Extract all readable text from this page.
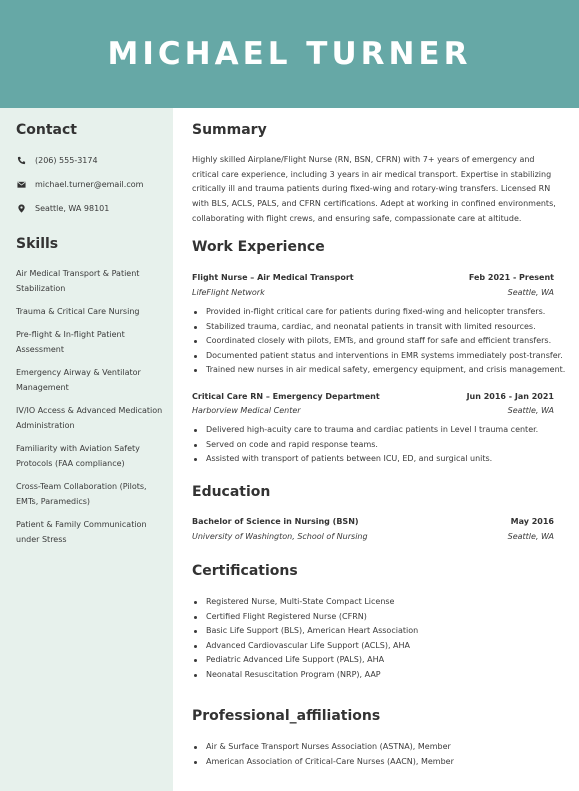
MICHAEL TURNER
Contact
(206) 555-3174
michael.turner@email.com
Seattle, WA 98101
Skills
Air Medical Transport & Patient Stabilization
Trauma & Critical Care Nursing
Pre-flight & In-flight Patient Assessment
Emergency Airway & Ventilator Management
IV/IO Access & Advanced Medication Administration
Familiarity with Aviation Safety Protocols (FAA compliance)
Cross-Team Collaboration (Pilots, EMTs, Paramedics)
Patient & Family Communication under Stress
Summary
Highly skilled Airplane/Flight Nurse (RN, BSN, CFRN) with 7+ years of emergency and critical care experience, including 3 years in air medical transport. Expertise in stabilizing critically ill and trauma patients during fixed-wing and rotary-wing transfers. Licensed RN with BLS, ACLS, PALS, and CFRN certifications. Adept at working in confined environments, collaborating with flight crews, and ensuring safe, compassionate care at altitude.
Work Experience
Flight Nurse – Air Medical Transport	Feb 2021 - Present
LifeFlight Network	Seattle, WA
Provided in-flight critical care for patients during fixed-wing and helicopter transfers.
Stabilized trauma, cardiac, and neonatal patients in transit with limited resources.
Coordinated closely with pilots, EMTs, and ground staff for safe and efficient transfers.
Documented patient status and interventions in EMR systems immediately post-transfer.
Trained new nurses in air medical safety, emergency equipment, and crisis management.
Critical Care RN – Emergency Department	Jun 2016 - Jan 2021
Harborview Medical Center	Seattle, WA
Delivered high-acuity care to trauma and cardiac patients in Level I trauma center.
Served on code and rapid response teams.
Assisted with transport of patients between ICU, ED, and surgical units.
Education
Bachelor of Science in Nursing (BSN)	May 2016
University of Washington, School of Nursing	Seattle, WA
Certifications
Registered Nurse, Multi-State Compact License
Certified Flight Registered Nurse (CFRN)
Basic Life Support (BLS), American Heart Association
Advanced Cardiovascular Life Support (ACLS), AHA
Pediatric Advanced Life Support (PALS), AHA
Neonatal Resuscitation Program (NRP), AAP
Professional_affiliations
Air & Surface Transport Nurses Association (ASTNA), Member
American Association of Critical-Care Nurses (AACN), Member
